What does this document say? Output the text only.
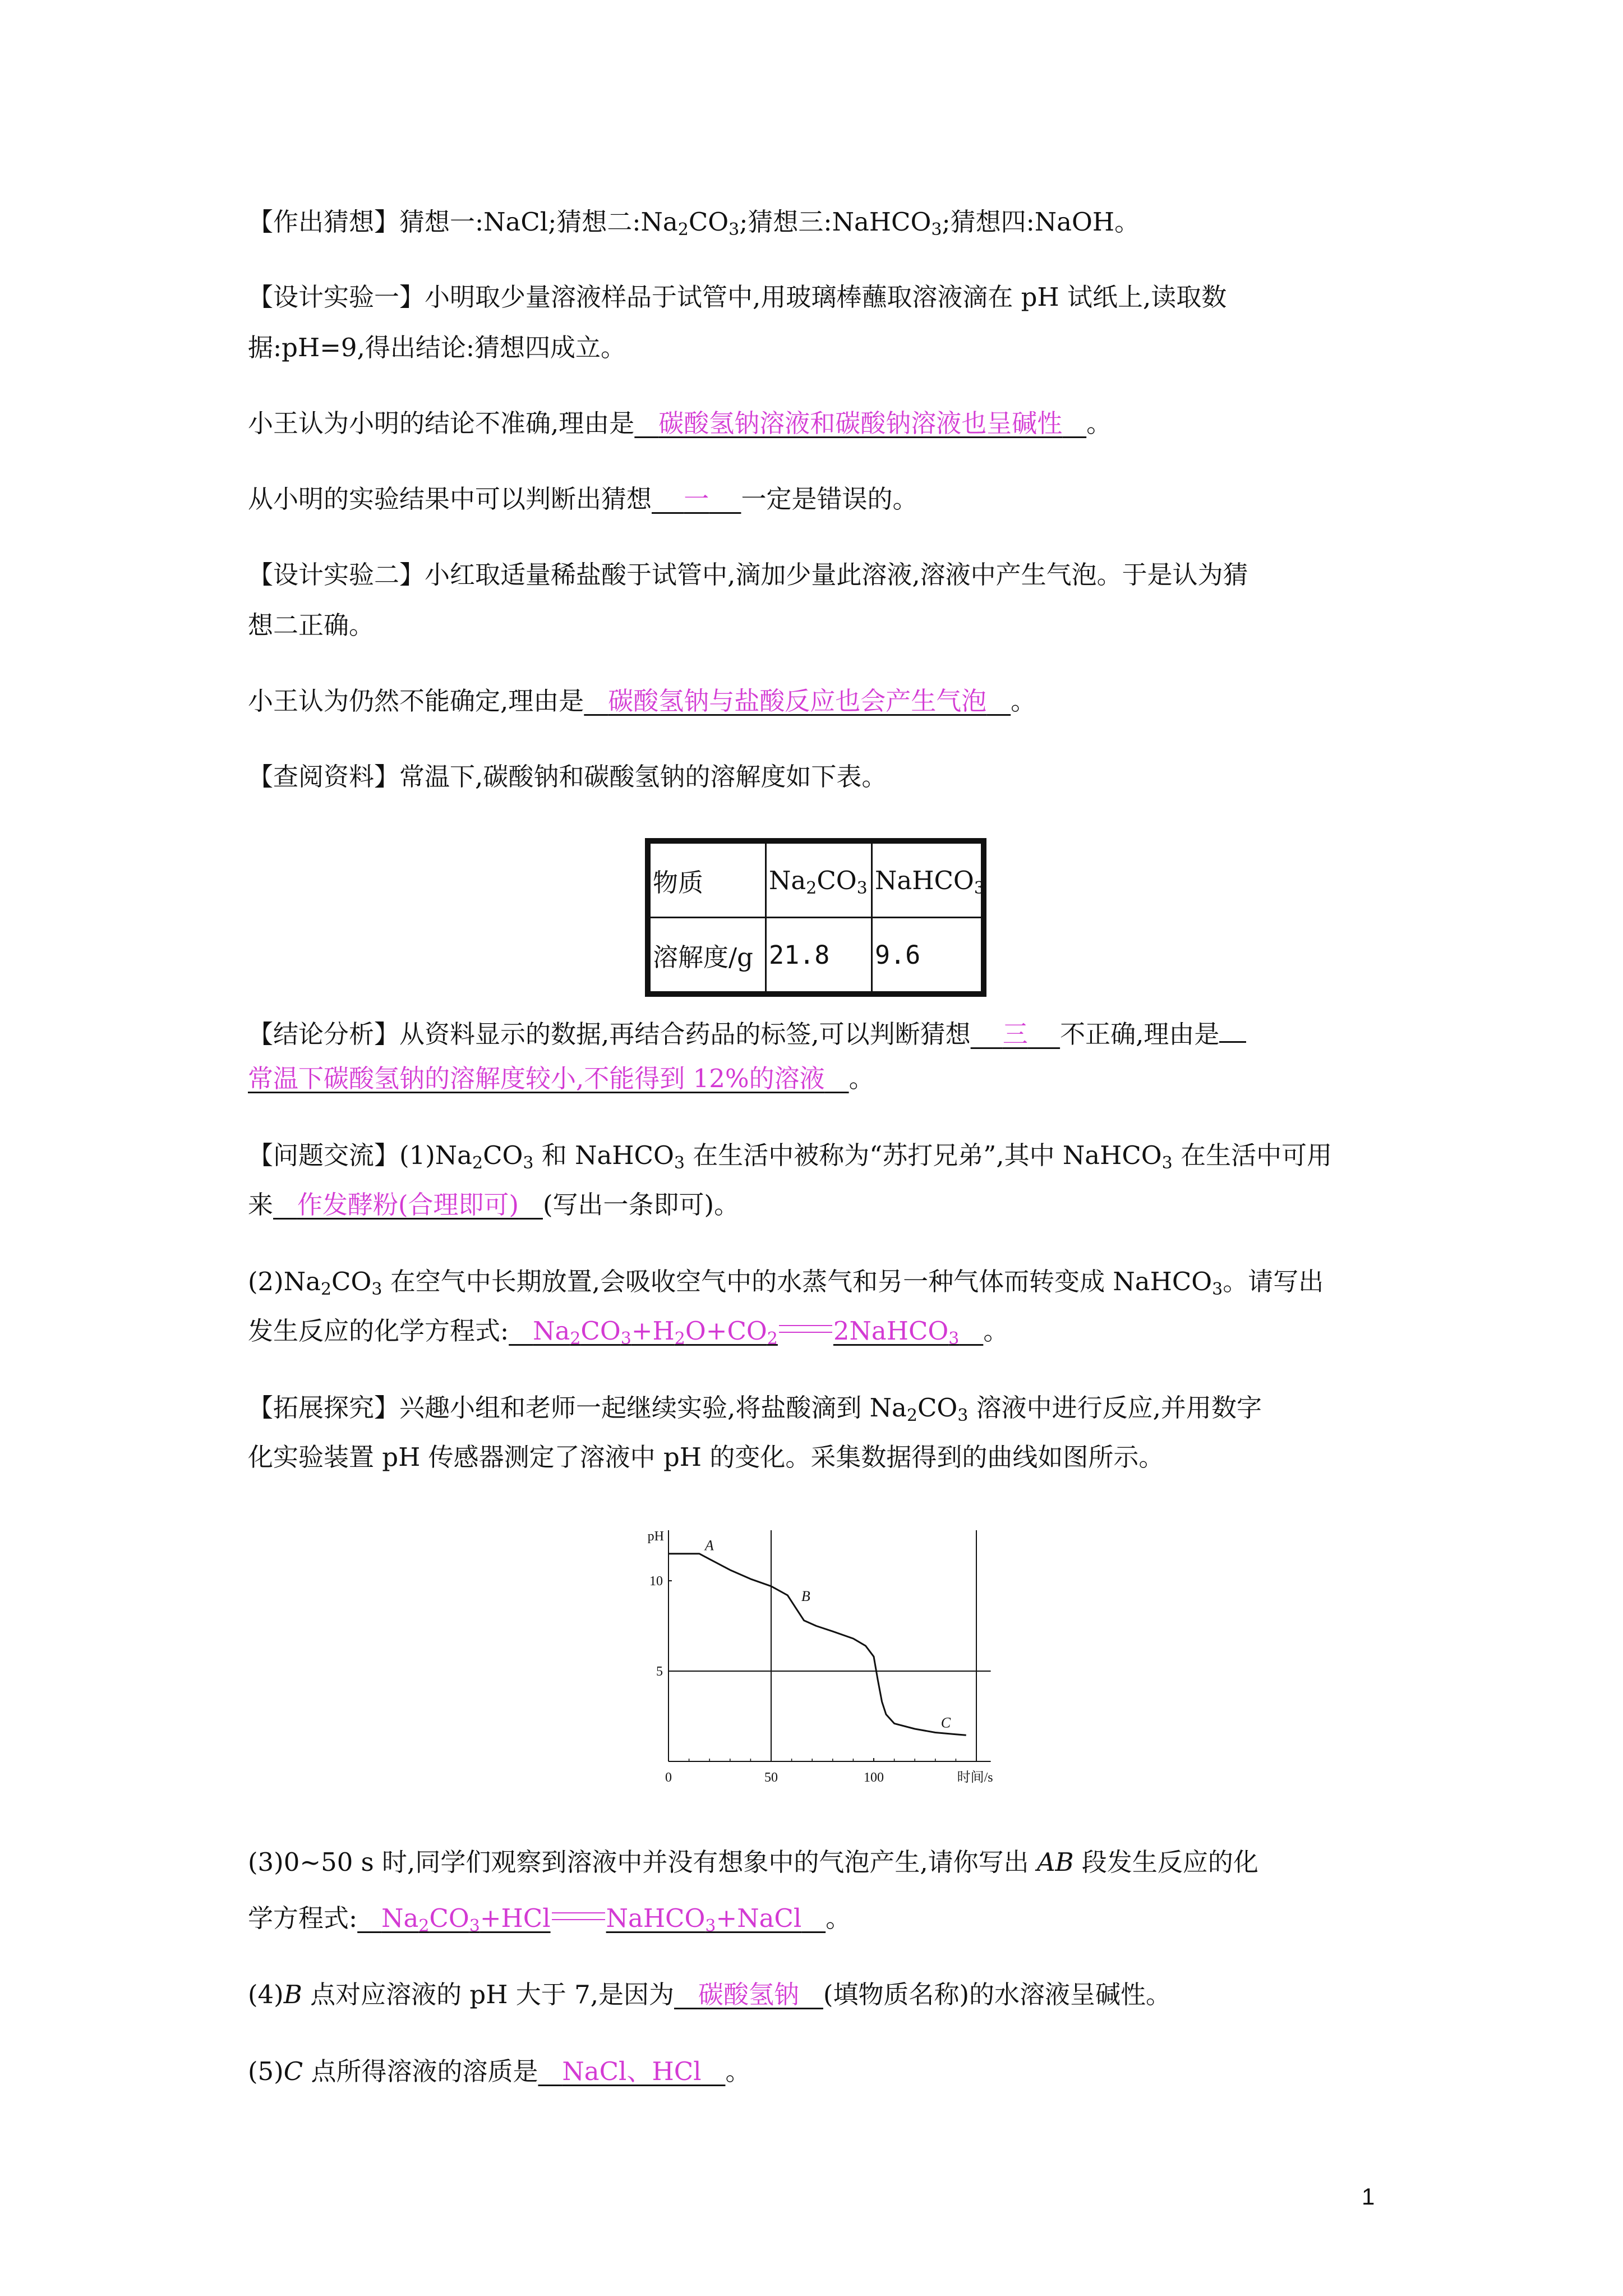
【作出猜想】猜想一:NaCl;猜想二$:Na_2CO_3$;猜想三:NaHCO$_3$;猜想四:NaOH。
【设计实验一】小明取少量溶液样品于试管中,用玻璃棒蘸取溶液滴在 pH 试纸上,读取数
据:pH=9,得出结论:猜想四成立。
小王认为小明的结论不准确,理由是 碳酸氢钠溶液和碳酸钠溶液也呈碱性 。
从小明的实验结果中可以判断出猜想 一 一定是错误的。
【设计实验二】小红取适量稀盐酸于试管中,滴加少量此溶液,溶液中产生气泡。于是认为猜
想二正确。
小王认为仍然不能确定,理由是 碳酸氢钠与盐酸反应也会产生气泡 。
【查阅资料】常温下,碳酸钠和碳酸氢钠的溶解度如下表。
物质	$Na_2CO_3$	NaHCO$_3$
溶解度/g	21.8	9.6
【结论分析】从资料显示的数据,再结合药品的标签,可以判断猜想 三 不正确,理由是
常温下碳酸氢钠的溶解度较小,不能得到 12%的溶液 。
【问题交流】$(1)Na_2CO_3$ 和 NaHCO$_3$ 在生活中被称为“苏打兄弟”,其中 NaHCO$_3$ 在生活中可用
来 作发酵粉(合理即可) (写出一条即可)。
$(2)Na_2CO_3$ 在空气中长期放置,会吸收空气中的水蒸气和另一种气体而转变成 NaHCO$_3$。请写出
发生反应的化学方程式: $Na_2CO_3+H_2O+CO_2$ 2NaHCO$_3$ 。
【拓展探究】兴趣小组和老师一起继续实验,将盐酸滴到 $Na_2CO_3$ 溶液中进行反应,并用数字
化实验装置 pH 传感器测定了溶液中 pH 的变化。采集数据得到的曲线如图所示。
0	50	100
5
10
pH
时间/s
A
B
C
(3)0~50 s 时,同学们观察到溶液中并没有想象中的气泡产生,请你写出 AB 段发生反应的化
学方程式: $Na_2CO_3+HCl$ NaHCO$_3$+NaCl 。
(4)B 点对应溶液的 pH 大于 7,是因为 碳酸氢钠 (填物质名称)的水溶液呈碱性。
(5)C 点所得溶液的溶质是 NaCl、HCl 。
1
